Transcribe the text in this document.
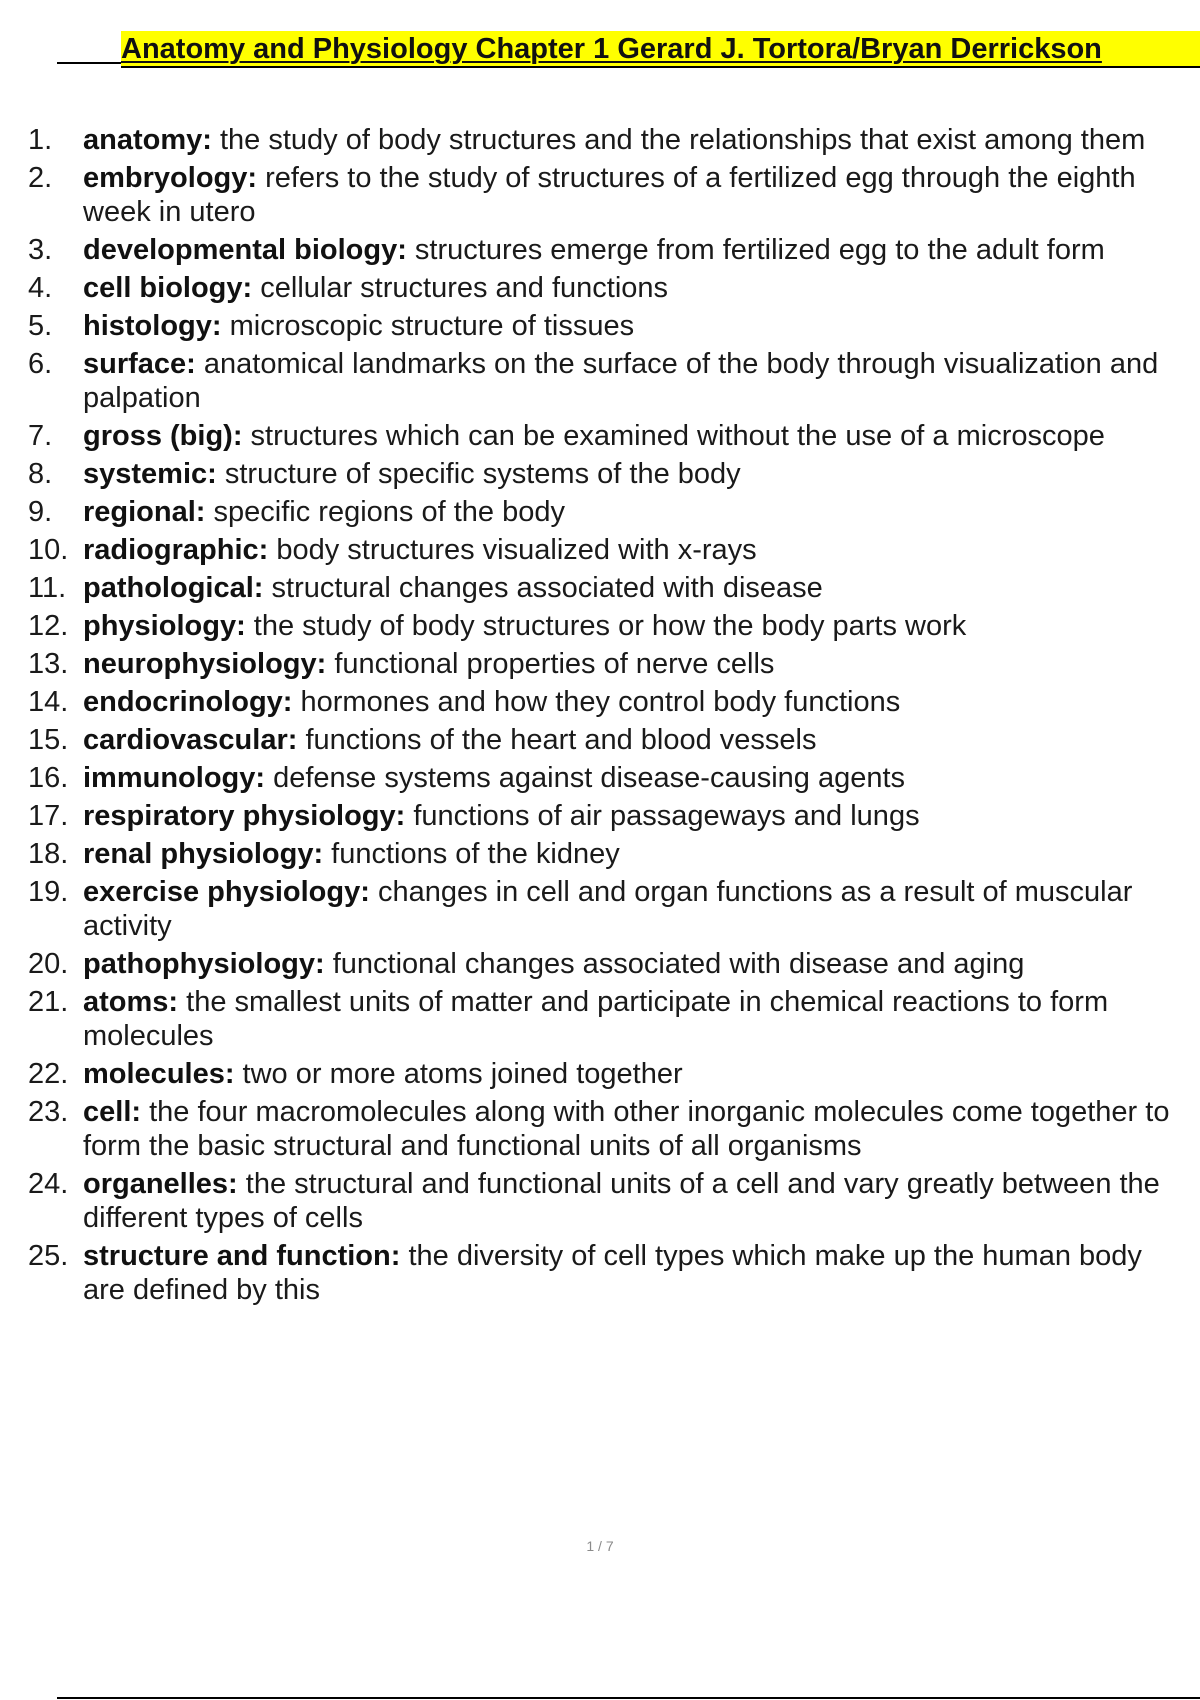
Anatomy and Physiology Chapter 1 Gerard J. Tortora/Bryan Derrickson
1.	anatomy: the study of body structures and the relationships that exist among them
2.	embryology: refers to the study of structures of a fertilized egg through the eighth week in utero
3.	developmental biology: structures emerge from fertilized egg to the adult form
4.	cell biology: cellular structures and functions
5.	histology: microscopic structure of tissues
6.	surface: anatomical landmarks on the surface of the body through visualization and palpation
7.	gross (big): structures which can be examined without the use of a microscope
8.	systemic: structure of specific systems of the body
9.	regional: specific regions of the body
10. radiographic: body structures visualized with x-rays
11. pathological: structural changes associated with disease
12. physiology: the study of body structures or how the body parts work
13. neurophysiology: functional properties of nerve cells
14. endocrinology: hormones and how they control body functions
15. cardiovascular: functions of the heart and blood vessels
16. immunology: defense systems against disease-causing agents
17. respiratory physiology: functions of air passageways and lungs
18. renal physiology: functions of the kidney
19. exercise physiology: changes in cell and organ functions as a result of muscular activity
20. pathophysiology: functional changes associated with disease and aging
21. atoms: the smallest units of matter and participate in chemical reactions to form molecules
22. molecules: two or more atoms joined together
23. cell: the four macromolecules along with other inorganic molecules come together to form the basic structural and functional units of all organisms
24. organelles: the structural and functional units of a cell and vary greatly between the different types of cells
25. structure and function: the diversity of cell types which make up the human body are defined by this
1 / 7
